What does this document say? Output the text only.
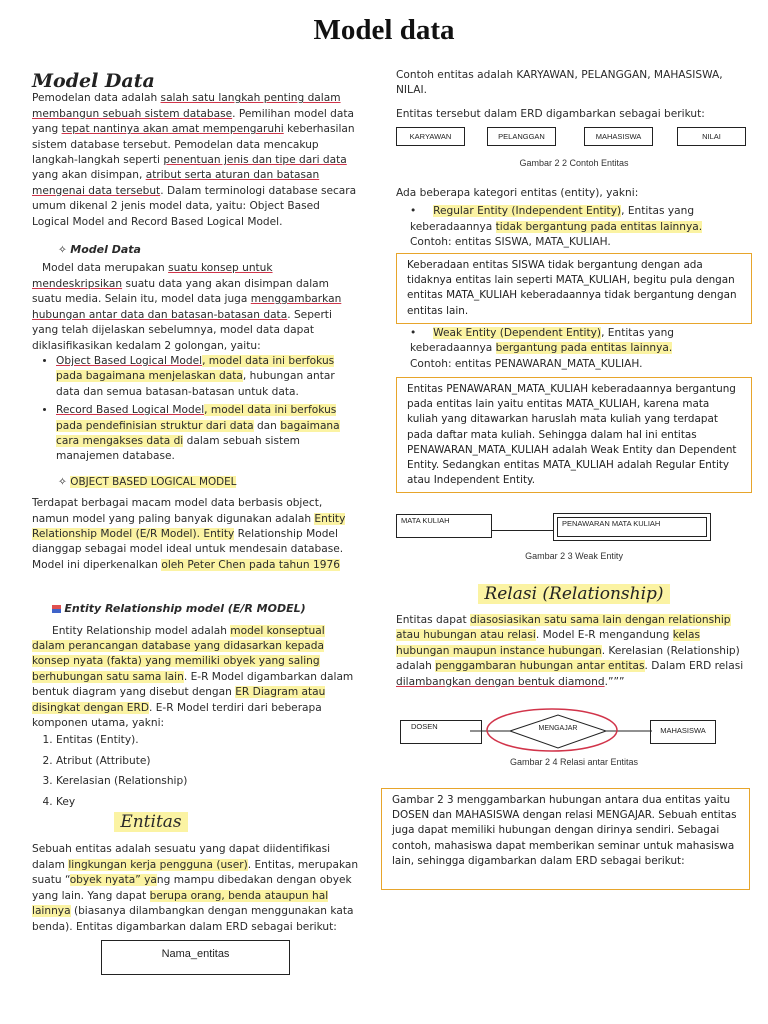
Model data
Model Data

Pemodelan data adalah salah satu langkah penting dalam membangun sebuah sistem database. Pemilihan model data yang tepat nantinya akan amat mempengaruhi keberhasilan sistem database tersebut. Pemodelan data mencakup langkah-langkah seperti penentuan jenis dan tipe dari data yang akan disimpan, atribut serta aturan dan batasan mengenai data tersebut. Dalam terminologi database secara umum dikenal 2 jenis model data, yaitu: Object Based Logical Model and Record Based Logical Model.

✧ Model Data

Model data merupakan suatu konsep untuk mendeskripsikan suatu data yang akan disimpan dalam suatu media. Selain itu, model data juga menggambarkan hubungan antar data dan batasan-batasan data. Seperti yang telah dijelaskan sebelumnya, model data dapat diklasifikasikan kedalam 2 golongan, yaitu:

• Object Based Logical Model, model data ini berfokus pada bagaimana menjelaskan data, hubungan antar data dan semua batasan-batasan untuk data.
• Record Based Logical Model, model data ini berfokus pada pendefinisian struktur dari data dan bagaimana cara mengakses data di dalam sebuah sistem manajemen database.
✧ OBJECT BASED LOGICAL MODEL

Terdapat berbagai macam model data berbasis object, namun model yang paling banyak digunakan adalah Entity Relationship Model (E/R Model). Entity Relationship Model dianggap sebagai model ideal untuk mendesain database. Model ini diperkenalkan oleh Peter Chen pada tahun 1976

Entity Relationship model (E/R MODEL)

Entity Relationship model adalah model konseptual dalam perancangan database yang didasarkan kepada konsep nyata (fakta) yang memiliki obyek yang saling berhubungan satu sama lain. E-R Model digambarkan dalam bentuk diagram yang disebut dengan ER Diagram atau disingkat dengan ERD. E-R Model terdiri dari beberapa komponen utama, yakni:

1. Entitas (Entity).
2. Atribut (Attribute)
3. Kerelasian (Relationship)
4. Key
Entitas

Sebuah entitas adalah sesuatu yang dapat diidentifikasi dalam lingkungan kerja pengguna (user). Entitas, merupakan suatu “obyek nyata” yang mampu dibedakan dengan obyek yang lain. Yang dapat berupa orang, benda ataupun hal lainnya (biasanya dilambangkan dengan menggunakan kata benda). Entitas digambarkan dalam ERD sebagai berikut:

Nama_entitas

Contoh entitas adalah KARYAWAN, PELANGGAN, MAHASISWA, NILAI.

Entitas tersebut dalam ERD digambarkan sebagai berikut:

KARYAWAN	PELANGGAN	MAHASISWA	NILAI
Gambar 2 2 Contoh Entitas

Ada beberapa kategori entitas (entity), yakni:

• Regular Entity (Independent Entity), Entitas yang keberadaannya tidak bergantung pada entitas lainnya.

Contoh: entitas SISWA, MATA_KULIAH.

Keberadaan entitas SISWA tidak bergantung dengan ada tidaknya entitas lain seperti MATA_KULIAH, begitu pula dengan entitas MATA_KULIAH keberadaannya tidak bergantung dengan entitas lain.

• Weak Entity (Dependent Entity), Entitas yang keberadaannya bergantung pada entitas lainnya.

Contoh: entitas PENAWARAN_MATA_KULIAH.

Entitas PENAWARAN_MATA_KULIAH keberadaannya bergantung pada entitas lain yaitu entitas MATA_KULIAH, karena mata kuliah yang ditawarkan haruslah mata kuliah yang terdapat pada daftar mata kuliah. Sehingga dalam hal ini entitas PENAWARAN_MATA_KULIAH adalah Weak Entity dan Dependent Entity. Sedangkan entitas MATA_KULIAH adalah Regular Entity atau Independent Entity.
MATA KULIAH	PENAWARAN MATA KULIAH
Gambar 2 3 Weak Entity
Relasi (Relationship)

Entitas dapat diasosiasikan satu sama lain dengan relationship atau hubungan atau relasi. Model E-R mengandung kelas hubungan maupun instance hubungan. Kerelasian (Relationship) adalah penggambaran hubungan antar entitas. Dalam ERD relasi dilambangkan dengan bentuk diamond.”””

DOSEN	MENGAJAR	MAHASISWA
Gambar 2 4 Relasi antar Entitas
Gambar 2 3 menggambarkan hubungan antara dua entitas yaitu DOSEN dan MAHASISWA dengan relasi MENGAJAR. Sebuah entitas juga dapat memiliki hubungan dengan dirinya sendiri. Sebagai contoh, mahasiswa dapat memberikan seminar untuk mahasiswa lain, sehingga digambarkan dalam ERD sebagai berikut:
